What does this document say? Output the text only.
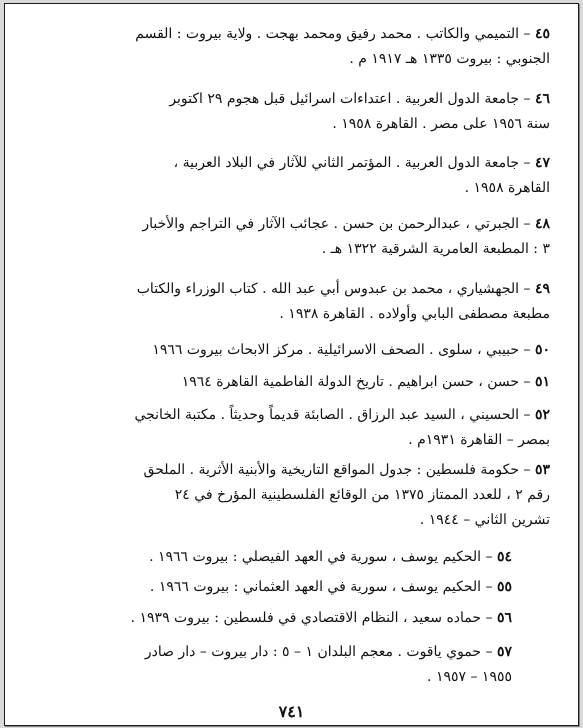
٤٥ – التميمي والكاتب . محمد رفيق ومحمد بهجت . ولاية بيروت : القسم
الجنوبي : بيروت ١٣٣٥ هـ ١٩١٧ م .
٤٦ – جامعة الدول العربية . اعتداءات اسرائيل قبل هجوم ٢٩ اكتوبر
سنة ١٩٥٦ على مصر . القاهرة ١٩٥٨ .
٤٧ – جامعة الدول العربية . المؤتمر الثاني للآثار في البلاد العربية ،
القاهرة ١٩٥٨ .
٤٨ – الجبرتي ، عبدالرحمن بن حسن . عجائب الآثار في التراجم والأخبار
٣ : المطبعة العامرية الشرقية ١٣٢٢ هـ .
٤٩ – الجهشياري ، محمد بن عبدوس أبي عبد الله . كتاب الوزراء والكتاب
مطبعة مصطفى البابي وأولاده . القاهرة ١٩٣٨ .
٥٠ – حبيبي ، سلوى . الصحف الاسرائيلية . مركز الابحاث بيروت ١٩٦٦
٥١ – حسن ، حسن ابراهيم . تاريخ الدولة الفاطمية القاهرة ١٩٦٤
٥٢ – الحسيني ، السيد عبد الرزاق . الصابئة قديماً وحديثاً . مكتبة الخانجي
بمصر – القاهرة ١٩٣١م .
٥٣ – حكومة فلسطين : جدول المواقع التاريخية والأبنية الأثرية . الملحق
رقم ٢ ، للعدد الممتاز ١٣٧٥ من الوقائع الفلسطينية المؤرخ في ٢٤
تشرين الثاني – ١٩٤٤ .
٥٤ – الحكيم يوسف ، سورية في العهد الفيصلي : بيروت ١٩٦٦ .
٥٥ – الحكيم يوسف ، سورية في العهد العثماني : بيروت ١٩٦٦ .
٥٦ – حماده سعيد ، النظام الاقتصادي في فلسطين : بيروت ١٩٣٩ .
٥٧ – حموي ياقوت . معجم البلدان ١ – ٥ : دار بيروت – دار صادر
١٩٥٥ – ١٩٥٧ .
٧٤١
